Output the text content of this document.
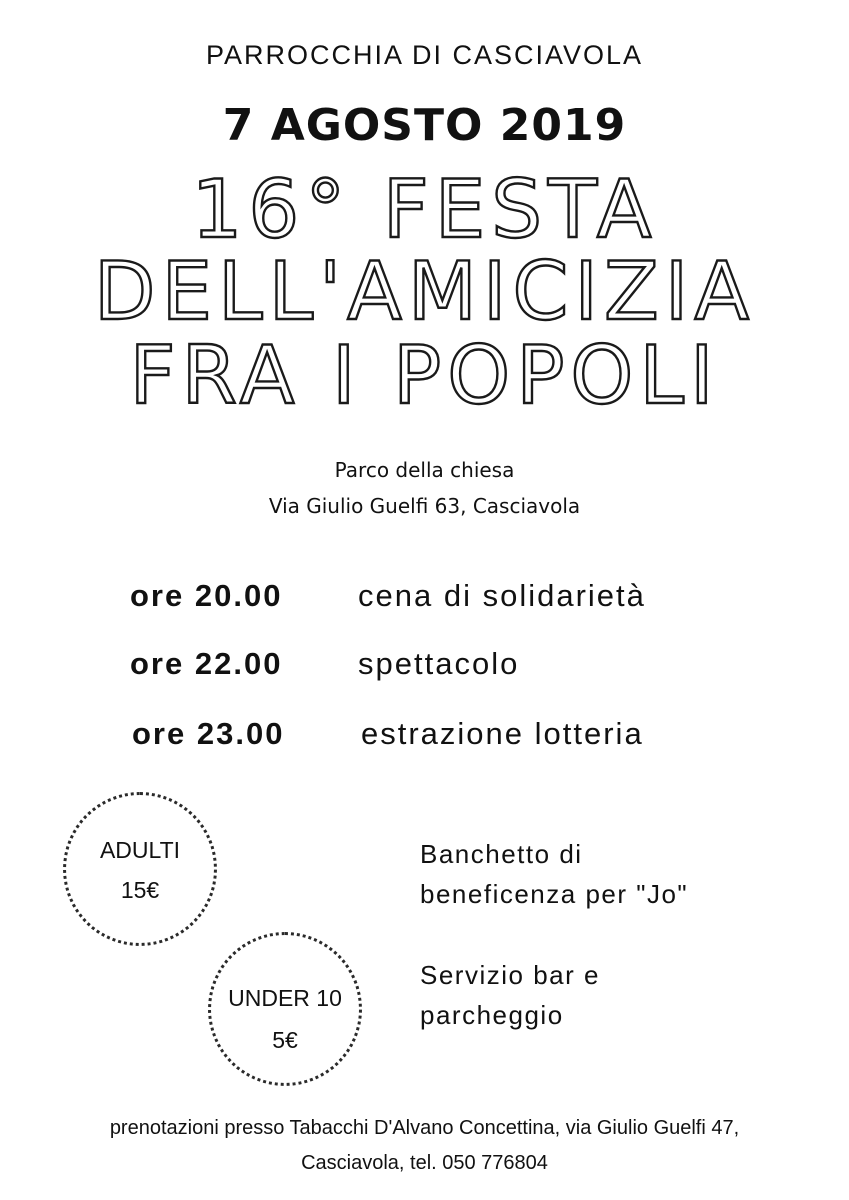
PARROCCHIA DI CASCIAVOLA
7 AGOSTO 2019
16° FESTA
DELL'AMICIZIA
FRA I POPOLI
Parco della chiesa
Via Giulio Guelfi 63, Casciavola
ore 20.00 cena di solidarietà
ore 22.00 spettacolo
ore 23.00 estrazione lotteria
ADULTI
15€
UNDER 10
5€
Banchetto di
beneficenza per "Jo"
Servizio bar e
parcheggio
prenotazioni presso Tabacchi D'Alvano Concettina, via Giulio Guelfi 47,
Casciavola, tel. 050 776804
